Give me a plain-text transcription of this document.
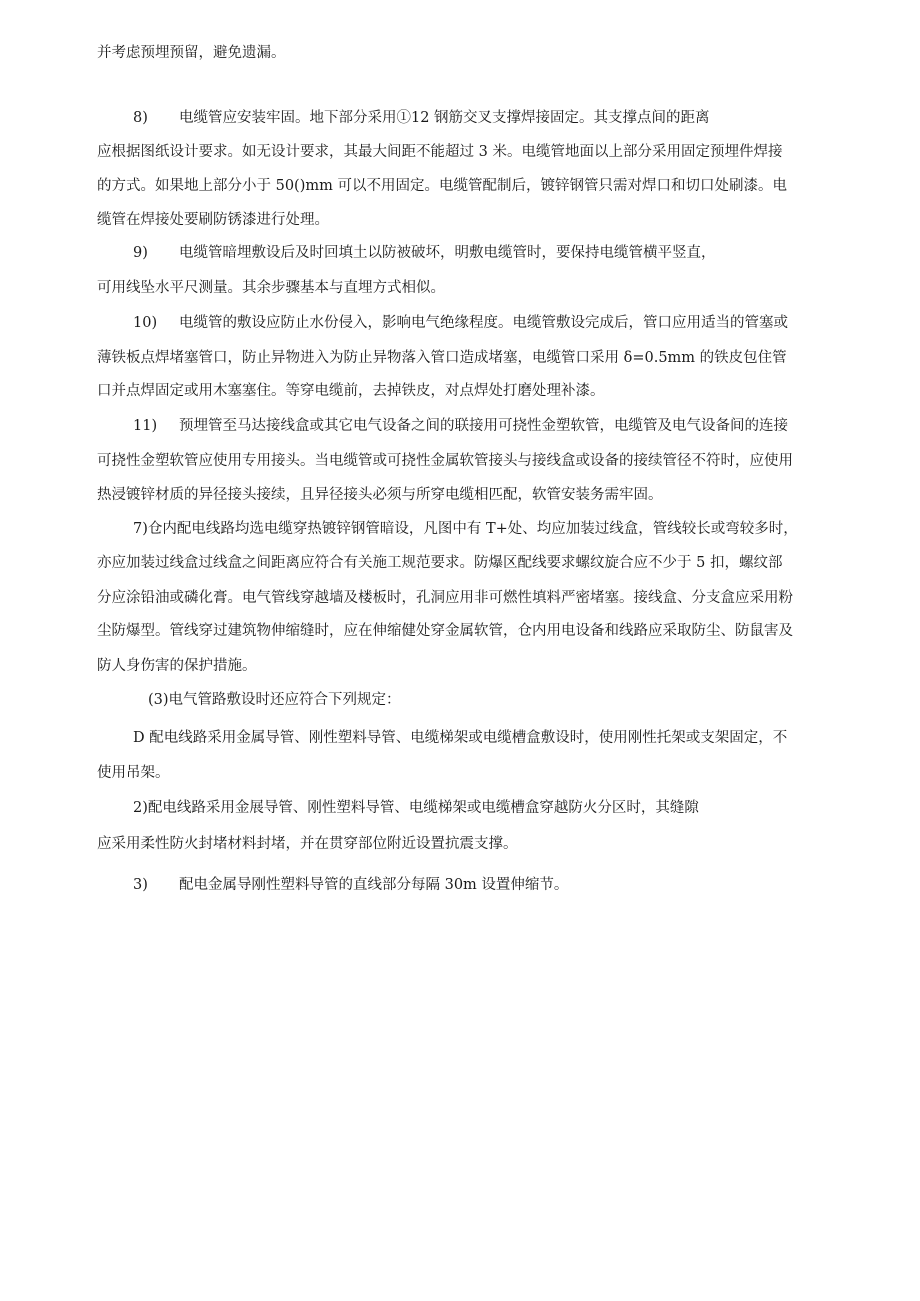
并考虑预埋预留，避免遗漏。
8) 电缆管应安装牢固。地下部分采用①12 钢筋交叉支撑焊接固定。其支撑点间的距离
应根据图纸设计要求。如无设计要求，其最大间距不能超过 3 米。电缆管地面以上部分采用固定预埋件焊接
的方式。如果地上部分小于 50()mm 可以不用固定。电缆管配制后，镀锌钢管只需对焊口和切口处刷漆。电
缆管在焊接处要刷防锈漆进行处理。
9) 电缆管暗埋敷设后及时回填土以防被破坏，明敷电缆管时，要保持电缆管横平竖直，
可用线坠水平尺测量。其余步骤基本与直埋方式相似。
10) 电缆管的敷设应防止水份侵入，影响电气绝缘程度。电缆管敷设完成后，管口应用适当的管塞或
薄铁板点焊堵塞管口，防止异物进入为防止异物落入管口造成堵塞，电缆管口采用 δ=0.5mm 的铁皮包住管
口并点焊固定或用木塞塞住。等穿电缆前，去掉铁皮，对点焊处打磨处理补漆。
11) 预埋管至马达接线盒或其它电气设备之间的联接用可挠性金塑软管，电缆管及电气设备间的连接
可挠性金塑软管应使用专用接头。当电缆管或可挠性金属软管接头与接线盒或设备的接续管径不符时，应使用
热浸镀锌材质的异径接头接续，且异径接头必须与所穿电缆相匹配，软管安装务需牢固。
7)仓内配电线路均选电缆穿热镀锌钢管暗设，凡图中有 T+处、均应加装过线盒，管线较长或弯较多时，
亦应加装过线盒过线盒之间距离应符合有关施工规范要求。防爆区配线要求螺纹旋合应不少于 5 扣，螺纹部
分应涂铅油或磷化膏。电气管线穿越墙及楼板时，孔洞应用非可燃性填料严密堵塞。接线盒、分支盒应采用粉
尘防爆型。管线穿过建筑物伸缩缝时，应在伸缩健处穿金属软管，仓内用电设备和线路应采取防尘、防鼠害及
防人身伤害的保护措施。
(3)电气管路敷设时还应符合下列规定：
D 配电线路采用金属导管、刚性塑料导管、电缆梯架或电缆槽盒敷设时，使用刚性托架或支架固定，不
使用吊架。
2)配电线路采用金展导管、刚性塑料导管、电缆梯架或电缆槽盒穿越防火分区时，其缝隙
应采用柔性防火封堵材料封堵，并在贯穿部位附近设置抗震支撑。
3) 配电金属导刚性塑料导管的直线部分每隔 30m 设置伸缩节。
